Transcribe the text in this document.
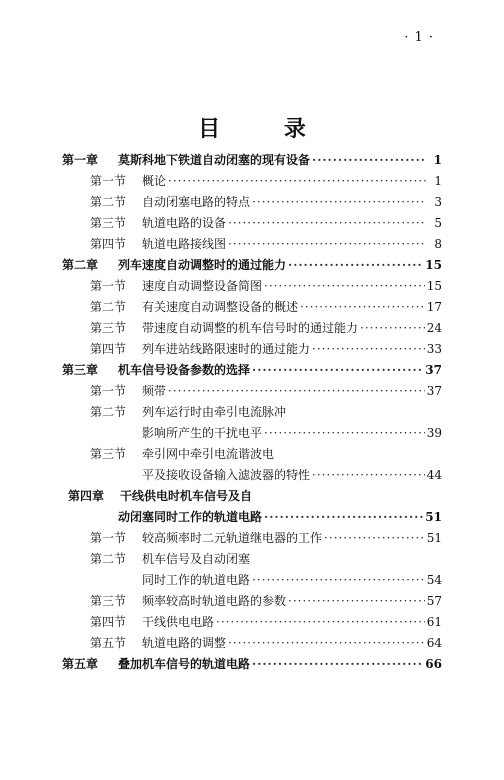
· 1 ·
目 录
第一章	莫斯科地下铁道自动闭塞的现有设备 ·····	1
第一节	概论 ·····	1
第二节	自动闭塞电路的特点 ·····	3
第三节	轨道电路的设备 ·····	5
第四节	轨道电路接线图 ·····	8
第二章	列车速度自动调整时的通过能力 ·····	15
第一节	速度自动调整设备简图 ·····	15
第二节	有关速度自动调整设备的概述 ·····	17
第三节	带速度自动调整的机车信号时的通过能力 ·····	24
第四节	列车进站线路限速时的通过能力 ·····	33
第三章	机车信号设备参数的选择 ·····	37
第一节	频带 ·····	37
第二节	列车运行时由牵引电流脉冲
影响所产生的干扰电平 ·····	39
第三节	牵引网中牵引电流谐波电
平及接收设备输入滤波器的特性 ·····	44
第四章	干线供电时机车信号及自
动闭塞同时工作的轨道电路 ·····	51
第一节	较高频率时二元轨道继电器的工作 ·····	51
第二节	机车信号及自动闭塞
同时工作的轨道电路 ·····	54
第三节	频率较高时轨道电路的参数 ·····	57
第四节	干线供电电路 ·····	61
第五节	轨道电路的调整 ·····	64
第五章	叠加机车信号的轨道电路 ·····	66
